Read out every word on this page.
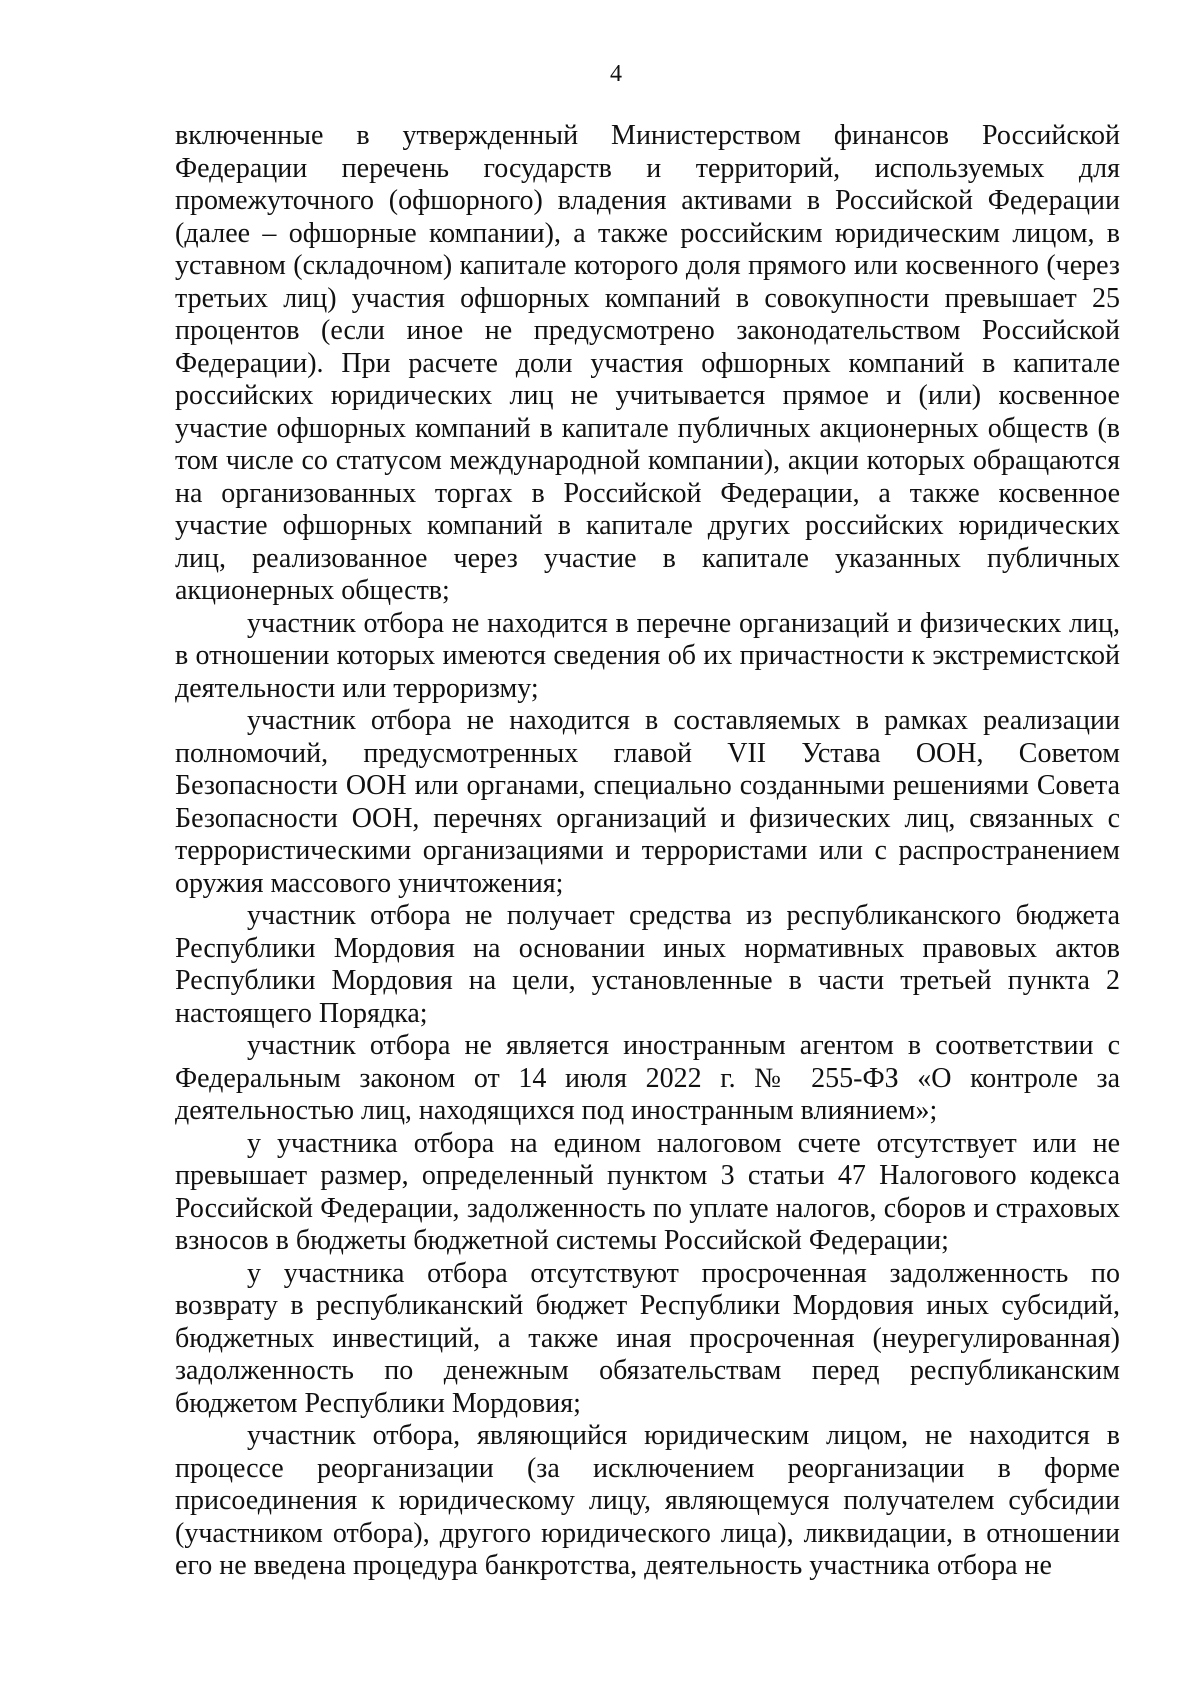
4

включенные в утвержденный Министерством финансов Российской Федерации перечень государств и территорий, используемых для промежуточного (офшорного) владения активами в Российской Федерации (далее – офшорные компании), а также российским юридическим лицом, в уставном (складочном) капитале которого доля прямого или косвенного (через третьих лиц) участия офшорных компаний в совокупности превышает 25 процентов (если иное не предусмотрено законодательством Российской Федерации). При расчете доли участия офшорных компаний в капитале российских юридических лиц не учитывается прямое и (или) косвенное участие офшорных компаний в капитале публичных акционерных обществ (в том числе со статусом международной компании), акции которых обращаются на организованных торгах в Российской Федерации, а также косвенное участие офшорных компаний в капитале других российских юридических лиц, реализованное через участие в капитале указанных публичных акционерных обществ;

участник отбора не находится в перечне организаций и физических лиц, в отношении которых имеются сведения об их причастности к экстремистской деятельности или терроризму;

участник отбора не находится в составляемых в рамках реализации полномочий, предусмотренных главой VII Устава ООН, Советом Безопасности ООН или органами, специально созданными решениями Совета Безопасности ООН, перечнях организаций и физических лиц, связанных с террористическими организациями и террористами или с распространением оружия массового уничтожения;

участник отбора не получает средства из республиканского бюджета Республики Мордовия на основании иных нормативных правовых актов Республики Мордовия на цели, установленные в части третьей пункта 2 настоящего Порядка;

участник отбора не является иностранным агентом в соответствии с Федеральным законом от 14 июля 2022 г. № 255-ФЗ «О контроле за деятельностью лиц, находящихся под иностранным влиянием»;

у участника отбора на едином налоговом счете отсутствует или не превышает размер, определенный пунктом 3 статьи 47 Налогового кодекса Российской Федерации, задолженность по уплате налогов, сборов и страховых взносов в бюджеты бюджетной системы Российской Федерации;

у участника отбора отсутствуют просроченная задолженность по возврату в республиканский бюджет Республики Мордовия иных субсидий, бюджетных инвестиций, а также иная просроченная (неурегулированная) задолженность по денежным обязательствам перед республиканским бюджетом Республики Мордовия;

участник отбора, являющийся юридическим лицом, не находится в процессе реорганизации (за исключением реорганизации в форме присоединения к юридическому лицу, являющемуся получателем субсидии (участником отбора), другого юридического лица), ликвидации, в отношении его не введена процедура банкротства, деятельность участника отбора не
